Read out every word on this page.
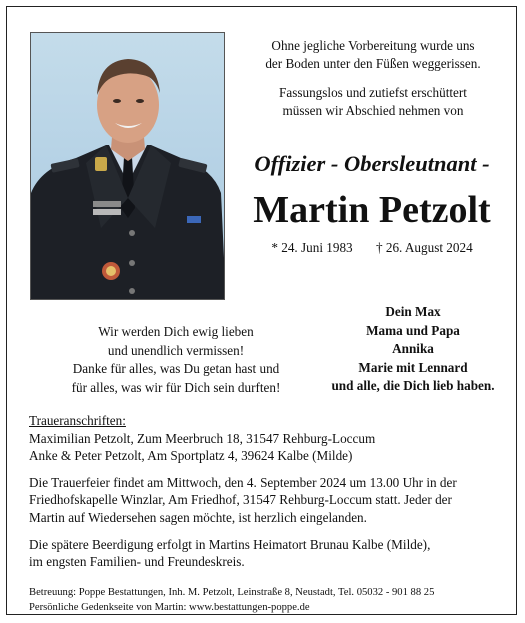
Ohne jegliche Vorbereitung wurde uns
der Boden unter den Füßen weggerissen.

Fassungslos und zutiefst erschüttert
müssen wir Abschied nehmen von

Offizier - Obersleutnant -
Martin Petzolt
* 24. Juni 1983 † 26. August 2024
Wir werden Dich ewig lieben
und unendlich vermissen!
Danke für alles, was Du getan hast und
für alles, was wir für Dich sein durften!
Dein Max
Mama und Papa
Annika
Marie mit Lennard
und alle, die Dich lieb haben.
Traueranschriften:
Maximilian Petzolt, Zum Meerbruch 18, 31547 Rehburg-Loccum
Anke & Peter Petzolt, Am Sportplatz 4, 39624 Kalbe (Milde)
Die Trauerfeier findet am Mittwoch, den 4. September 2024 um 13.00 Uhr in der
Friedhofskapelle Winzlar, Am Friedhof, 31547 Rehburg-Loccum statt. Jeder der
Martin auf Wiedersehen sagen möchte, ist herzlich eingelanden.
Die spätere Beerdigung erfolgt in Martins Heimatort Brunau Kalbe (Milde),
im engsten Familien- und Freundeskreis.
Betreuung: Poppe Bestattungen, Inh. M. Petzolt, Leinstraße 8, Neustadt, Tel. 05032 - 901 88 25
Persönliche Gedenkseite von Martin: www.bestattungen-poppe.de
